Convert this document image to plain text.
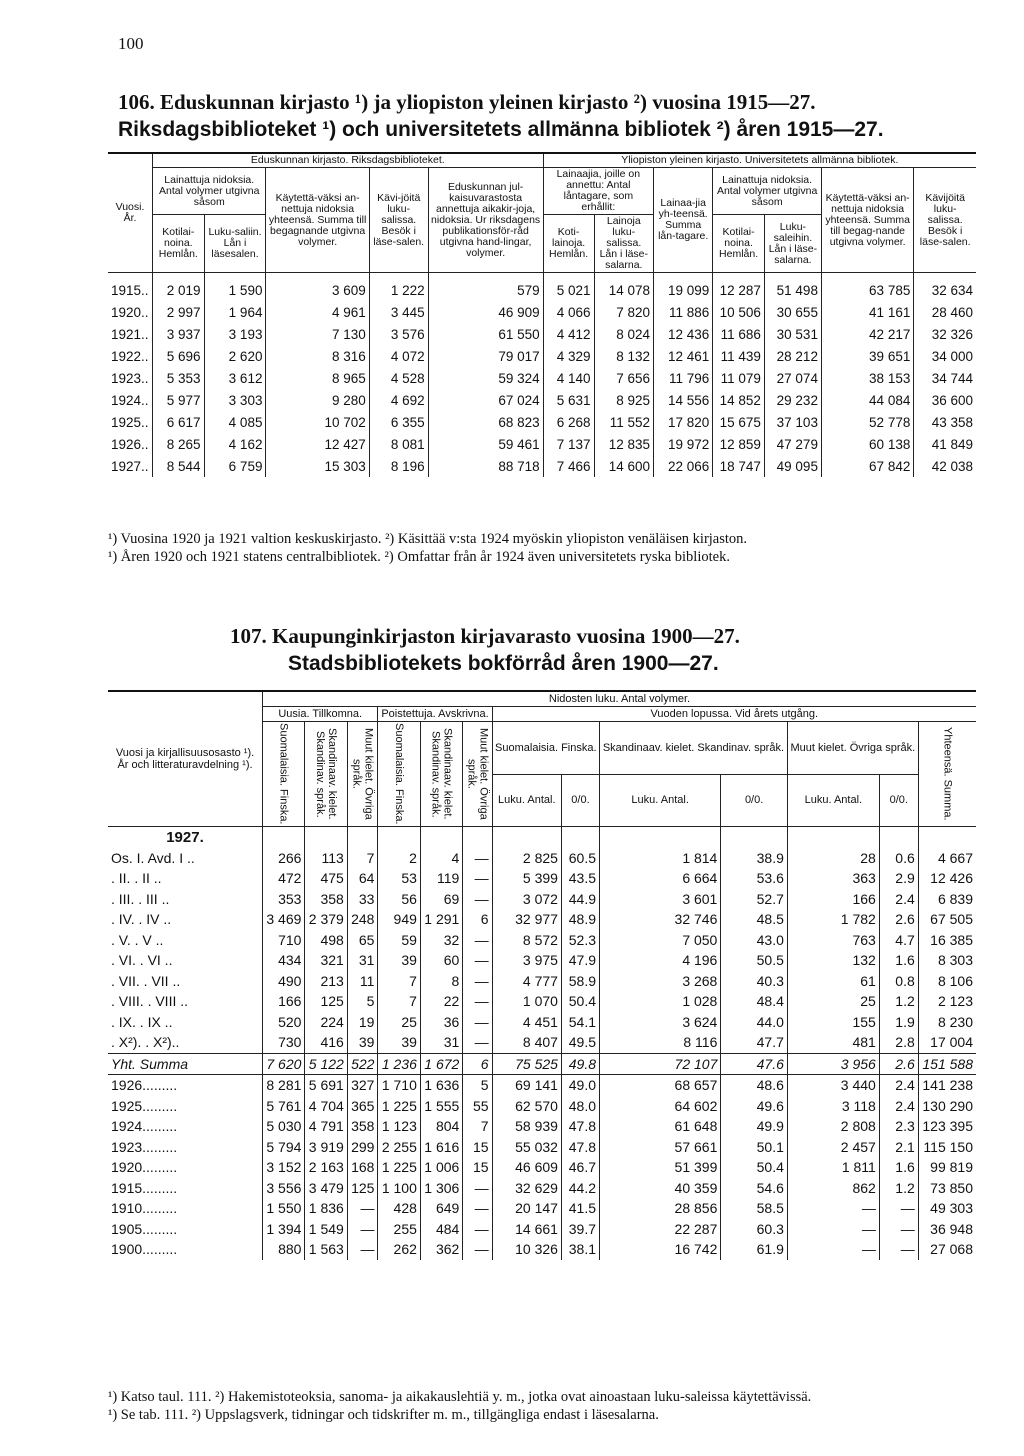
100
106. Eduskunnan kirjasto ¹) ja yliopiston yleinen kirjasto ²) vuosina 1915—27.
Riksdagsbiblioteket ¹) och universitetets allmänna bibliotek ²) åren 1915—27.
Vuosi. År.	Eduskunnan kirjasto. Riksdagsbiblioteket.					Yliopiston yleinen kirjasto. Universitetets allmänna bibliotek.						
	Lainattuja nidoksia. Antal volymer utgivna såsom		Käytettä-väksi an-nettuja nidoksia yhteensä. Summa till begagnande utgivna volymer.	Kävi-jöitä luku-salissa. Besök i läse-salen.	Eduskunnan jul-kaisuvarastosta annettuja aikakir-joja, nidoksia. Ur riksdagens publikationsför-råd utgivna hand-lingar, volymer.	Lainaajia, joille on annettu: Antal låntagare, som erhållit:		Lainaa-jia yh-teensä. Summa lån-tagare.	Lainattuja nidoksia. Antal volymer utgivna såsom		Käytettä-väksi an-nettuja nidoksia yhteensä. Summa till begag-nande utgivna volymer.	Kävijöitä luku-salissa. Besök i läse-salen.
	Kotilai-noina. Hemlån.	Luku-saliin. Lån i läsesalen.				Koti-lainoja. Hemlån.	Lainoja luku-salissa. Lån i läse-salarna.		Kotilai-noina. Hemlån.	Luku-saleihin. Lån i läse-salarna.		
1915..	2 019	1 590	3 609	1 222	579	5 021	14 078	19 099	12 287	51 498	63 785	32 634
1920..	2 997	1 964	4 961	3 445	46 909	4 066	7 820	11 886	10 506	30 655	41 161	28 460
1921..	3 937	3 193	7 130	3 576	61 550	4 412	8 024	12 436	11 686	30 531	42 217	32 326
1922..	5 696	2 620	8 316	4 072	79 017	4 329	8 132	12 461	11 439	28 212	39 651	34 000
1923..	5 353	3 612	8 965	4 528	59 324	4 140	7 656	11 796	11 079	27 074	38 153	34 744
1924..	5 977	3 303	9 280	4 692	67 024	5 631	8 925	14 556	14 852	29 232	44 084	36 600
1925..	6 617	4 085	10 702	6 355	68 823	6 268	11 552	17 820	15 675	37 103	52 778	43 358
1926..	8 265	4 162	12 427	8 081	59 461	7 137	12 835	19 972	12 859	47 279	60 138	41 849
1927..	8 544	6 759	15 303	8 196	88 718	7 466	14 600	22 066	18 747	49 095	67 842	42 038
¹) Vuosina 1920 ja 1921 valtion keskuskirjasto. ²) Käsittää v:sta 1924 myöskin yliopiston venäläisen kirjaston.
¹) Åren 1920 och 1921 statens centralbibliotek. ²) Omfattar från år 1924 även universitetets ryska bibliotek.
107. Kaupunginkirjaston kirjavarasto vuosina 1900—27.
Stadsbibliotekets bokförråd åren 1900—27.
Vuosi ja kirjallisuusosasto ¹). År och litteraturavdelning ¹).	Nidosten luku. Antal volymer.												
	Uusia. Tillkomna.			Poistettuja. Avskrivna.			Vuoden lopussa. Vid årets utgång.						
	Suomalaisia. Finska.	Skandinaav. kielet. Skandinav. språk.	Muut kielet. Övriga språk.	Suomalaisia. Finska.	Skandinaav. kielet. Skandinav. språk.	Muut kielet. Övriga språk.	Suomalaisia. Finska.		Skandinaav. kielet. Skandinav. språk.		Muut kielet. Övriga språk.		Yhteensä. Summa.
							Luku. Antal.	0/0.	Luku. Antal.	0/0.	Luku. Antal.	0/0.	
1927.													
Os. I. Avd. I ..	266	113	7	2	4	—	2 825	60.5	1 814	38.9	28	0.6	4 667
. II. . II ..	472	475	64	53	119	—	5 399	43.5	6 664	53.6	363	2.9	12 426
. III. . III ..	353	358	33	56	69	—	3 072	44.9	3 601	52.7	166	2.4	6 839
. IV. . IV ..	3 469	2 379	248	949	1 291	6	32 977	48.9	32 746	48.5	1 782	2.6	67 505
. V. . V ..	710	498	65	59	32	—	8 572	52.3	7 050	43.0	763	4.7	16 385
. VI. . VI ..	434	321	31	39	60	—	3 975	47.9	4 196	50.5	132	1.6	8 303
. VII. . VII ..	490	213	11	7	8	—	4 777	58.9	3 268	40.3	61	0.8	8 106
. VIII. . VIII ..	166	125	5	7	22	—	1 070	50.4	1 028	48.4	25	1.2	2 123
. IX. . IX ..	520	224	19	25	36	—	4 451	54.1	3 624	44.0	155	1.9	8 230
. X²). . X²)..	730	416	39	39	31	—	8 407	49.5	8 116	47.7	481	2.8	17 004
Yht. Summa	7 620	5 122	522	1 236	1 672	6	75 525	49.8	72 107	47.6	3 956	2.6	151 588
1926.........	8 281	5 691	327	1 710	1 636	5	69 141	49.0	68 657	48.6	3 440	2.4	141 238
1925.........	5 761	4 704	365	1 225	1 555	55	62 570	48.0	64 602	49.6	3 118	2.4	130 290
1924.........	5 030	4 791	358	1 123	804	7	58 939	47.8	61 648	49.9	2 808	2.3	123 395
1923.........	5 794	3 919	299	2 255	1 616	15	55 032	47.8	57 661	50.1	2 457	2.1	115 150
1920.........	3 152	2 163	168	1 225	1 006	15	46 609	46.7	51 399	50.4	1 811	1.6	99 819
1915.........	3 556	3 479	125	1 100	1 306	—	32 629	44.2	40 359	54.6	862	1.2	73 850
1910.........	1 550	1 836	—	428	649	—	20 147	41.5	28 856	58.5	—	—	49 303
1905.........	1 394	1 549	—	255	484	—	14 661	39.7	22 287	60.3	—	—	36 948
1900.........	880	1 563	—	262	362	—	10 326	38.1	16 742	61.9	—	—	27 068
¹) Katso taul. 111. ²) Hakemistoteoksia, sanoma- ja aikakauslehtiä y. m., jotka ovat ainoastaan luku-saleissa käytettävissä.
¹) Se tab. 111. ²) Uppslagsverk, tidningar och tidskrifter m. m., tillgängliga endast i läsesalarna.
